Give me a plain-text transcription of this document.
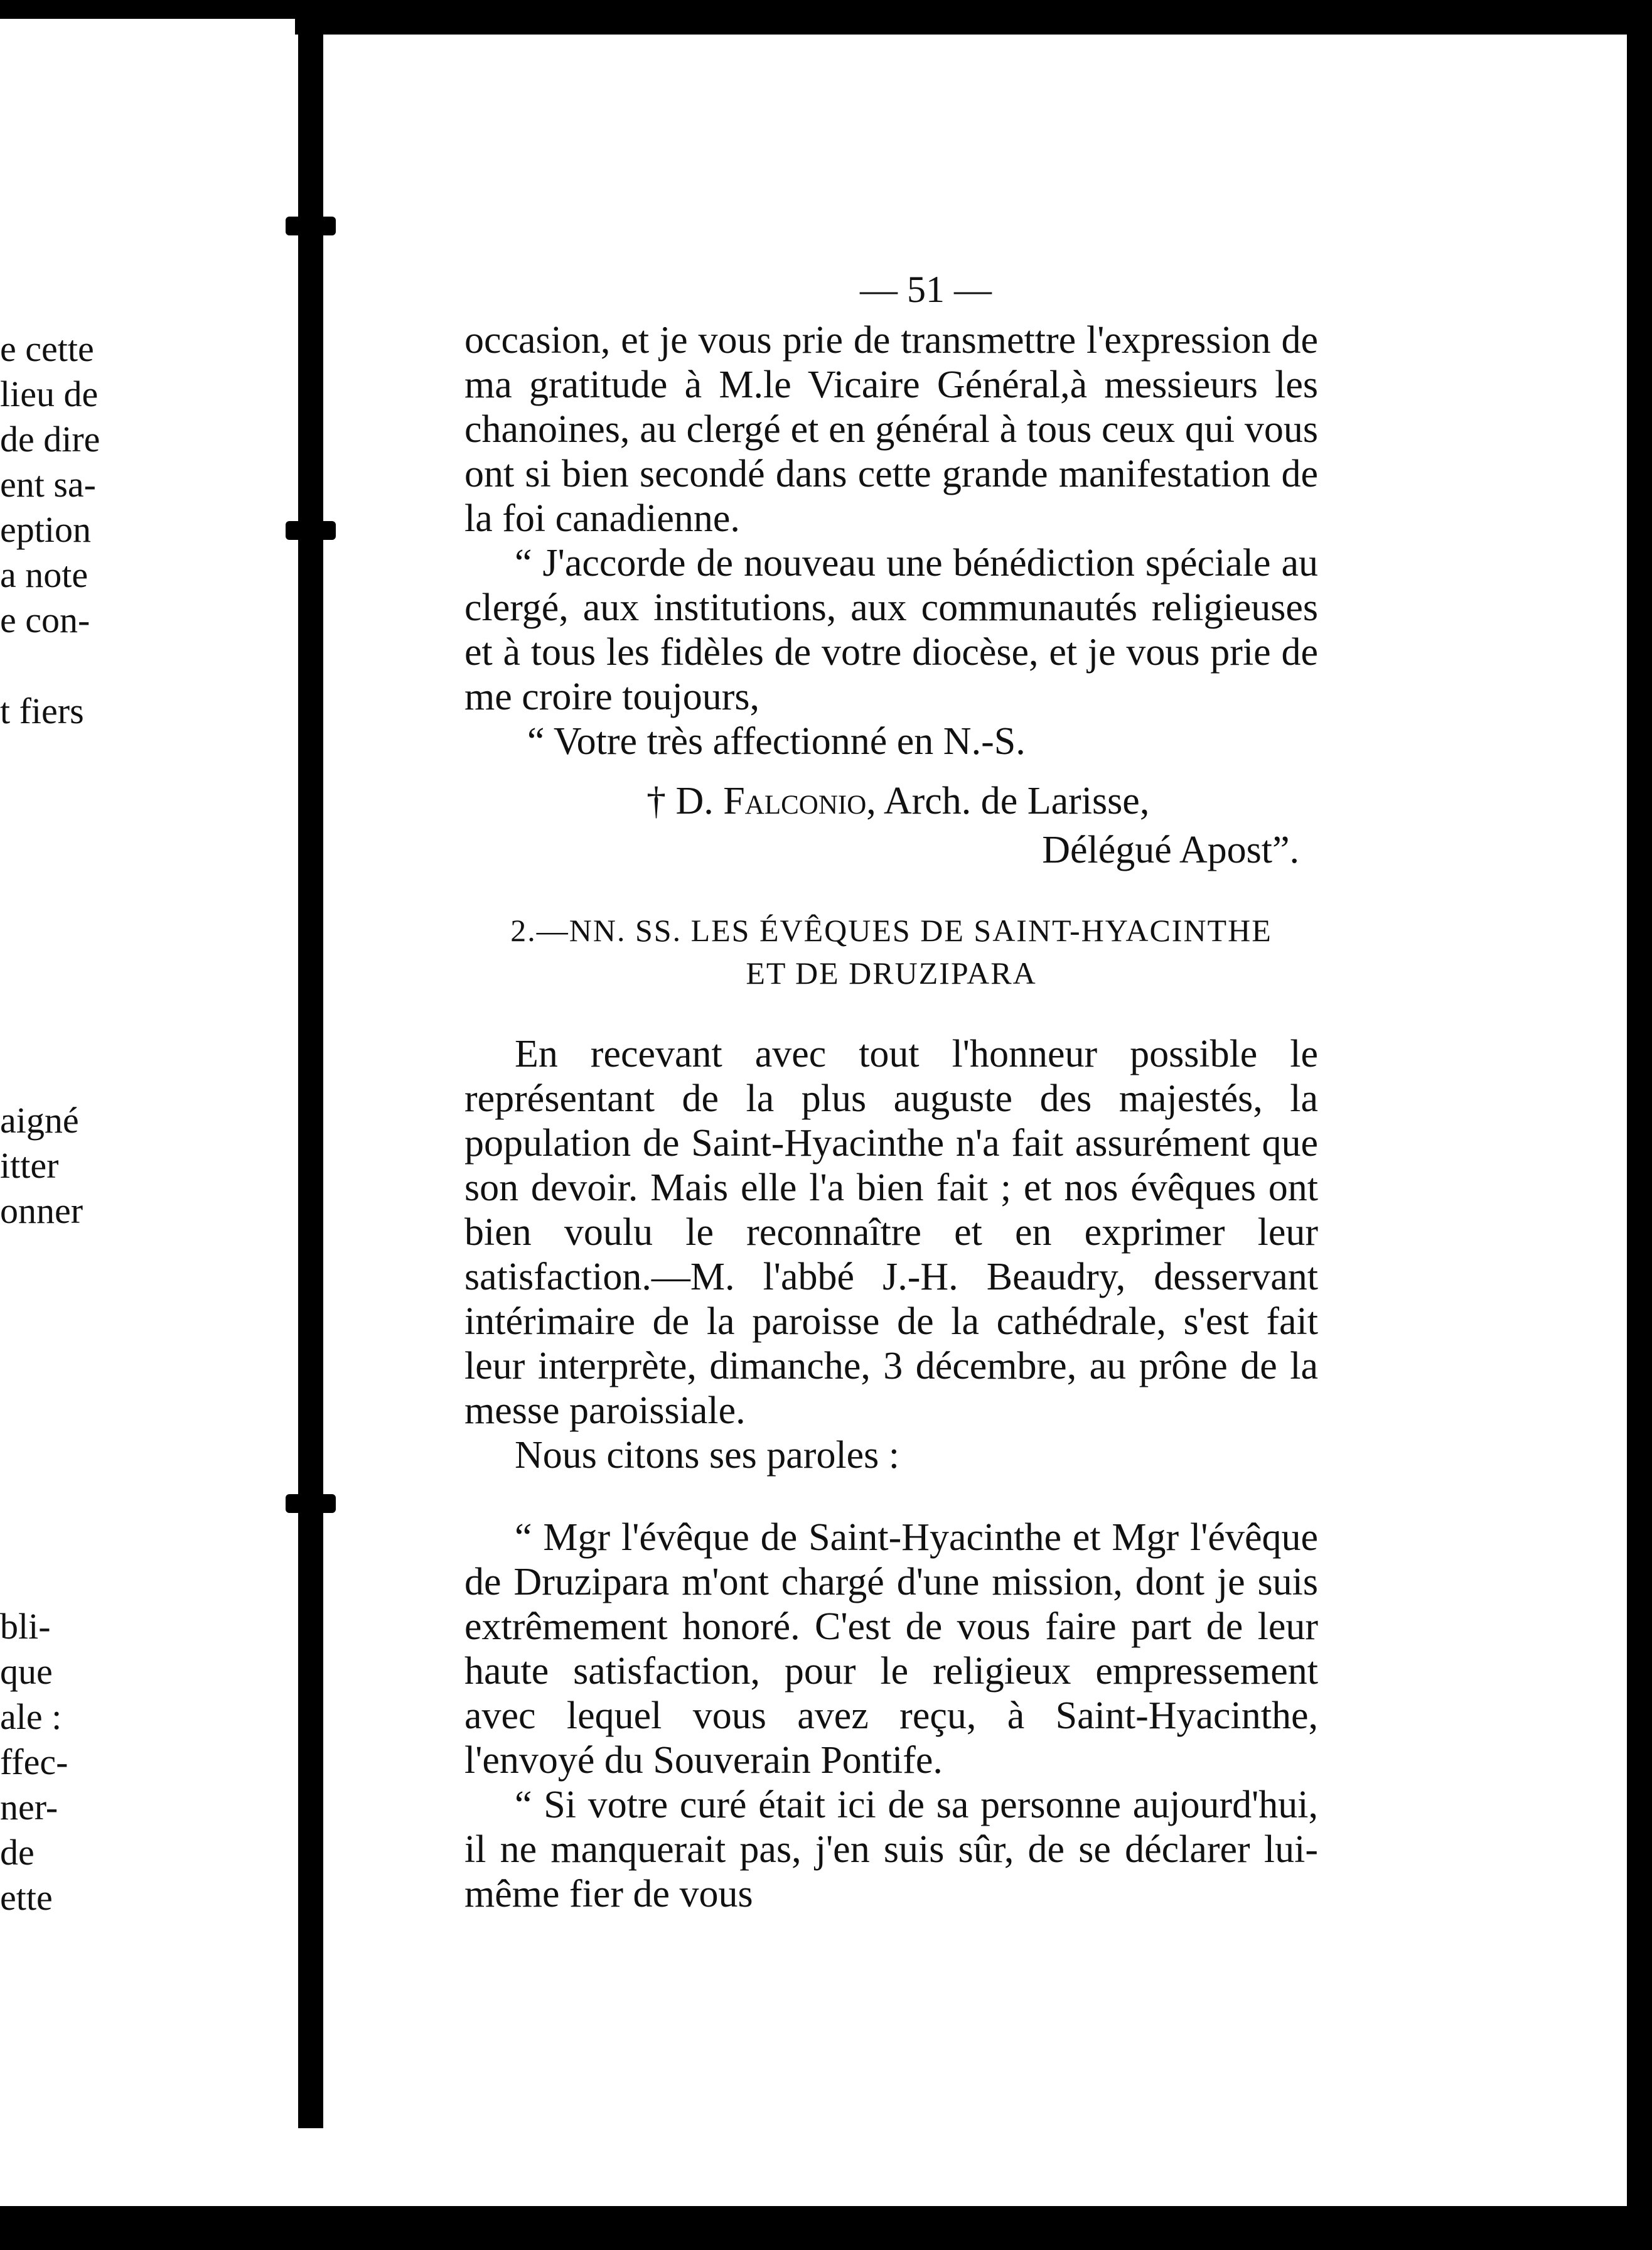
e cette
lieu de
de dire
ent sa-
eption
a note
e con-
t fiers
aigné
itter
onner
bli-
que
ale :
ffec-
ner-
de
ette
— 51 —

occasion, et je vous prie de transmettre l'expression de ma gratitude à M.le Vicaire Général,à messieurs les chanoines, au clergé et en général à tous ceux qui vous ont si bien secondé dans cette grande manifestation de la foi canadienne.

“ J'accorde de nouveau une bénédiction spéciale au clergé, aux institutions, aux communautés religieuses et à tous les fidèles de votre diocèse, et je vous prie de me croire toujours,

“ Votre très affectionné en N.-S.

† D. Falconio, Arch. de Larisse,
Délégué Apost”.
2.—NN. SS. LES ÉVÊQUES DE SAINT-HYACINTHE
ET DE DRUZIPARA

En recevant avec tout l'honneur possible le représentant de la plus auguste des majestés, la population de Saint-Hyacinthe n'a fait assurément que son devoir. Mais elle l'a bien fait ; et nos évêques ont bien voulu le reconnaître et en exprimer leur satisfaction.—M. l'abbé J.-H. Beaudry, desservant intérimaire de la paroisse de la cathédrale, s'est fait leur interprète, dimanche, 3 décembre, au prône de la messe paroissiale.

Nous citons ses paroles :

“ Mgr l'évêque de Saint-Hyacinthe et Mgr l'évêque de Druzipara m'ont chargé d'une mission, dont je suis extrêmement honoré. C'est de vous faire part de leur haute satisfaction, pour le religieux empressement avec lequel vous avez reçu, à Saint-Hyacinthe, l'envoyé du Souverain Pontife.

“ Si votre curé était ici de sa personne aujourd'hui, il ne manquerait pas, j'en suis sûr, de se déclarer lui-même fier de vous
